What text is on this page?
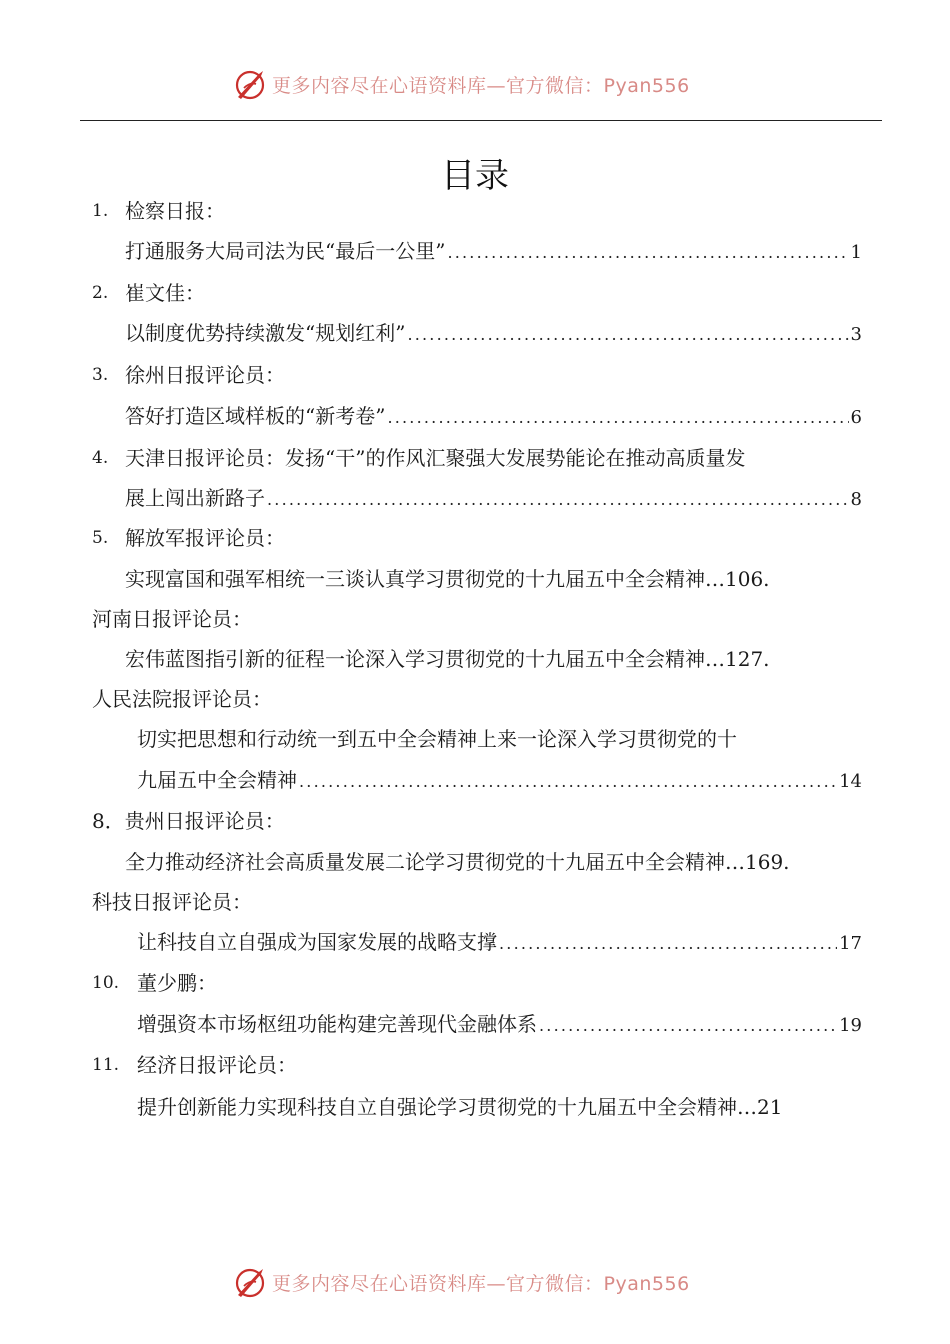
更多内容尽在心语资料库—官方微信：Pyan556
目录
1. 检察日报：
打通服务大局司法为民“最后一公里” .....	1
2. 崔文佳：
以制度优势持续激发“规划红利” .....	3
3. 徐州日报评论员：
答好打造区域样板的“新考卷” .....	6
4. 天津日报评论员：发扬“干”的作风汇聚强大发展势能论在推动高质量发
展上闯出新路子 .....	8
5. 解放军报评论员：
实现富国和强军相统一三谈认真学习贯彻党的十九届五中全会精神…106.
河南日报评论员：
宏伟蓝图指引新的征程一论深入学习贯彻党的十九届五中全会精神…127.
人民法院报评论员：
切实把思想和行动统一到五中全会精神上来一论深入学习贯彻党的十
九届五中全会精神 .....	14
8．贵州日报评论员：
全力推动经济社会高质量发展二论学习贯彻党的十九届五中全会精神…169.
科技日报评论员：
让科技自立自强成为国家发展的战略支撑 .....	17
10. 董少鹏：
增强资本市场枢纽功能构建完善现代金融体系 .....	19
11. 经济日报评论员：
提升创新能力实现科技自立自强论学习贯彻党的十九届五中全会精神…21
更多内容尽在心语资料库—官方微信：Pyan556
